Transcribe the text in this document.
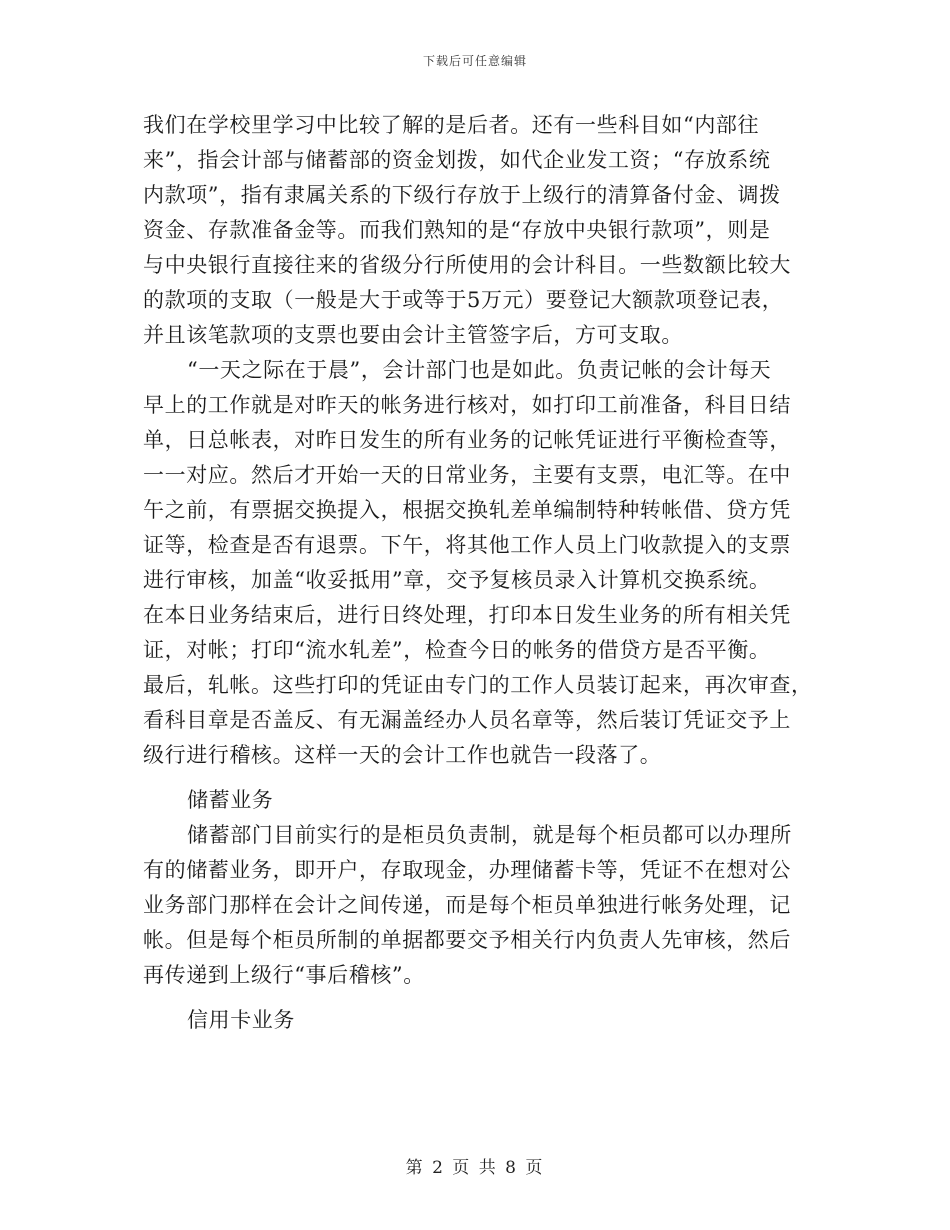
下载后可任意编辑
我们在学校里学习中比较了解的是后者。还有一些科目如“内部往
来”，指会计部与储蓄部的资金划拨，如代企业发工资；“存放系统
内款项”，指有隶属关系的下级行存放于上级行的清算备付金、调拨
资金、存款准备金等。而我们熟知的是“存放中央银行款项”，则是
与中央银行直接往来的省级分行所使用的会计科目。一些数额比较大
的款项的支取（一般是大于或等于5万元）要登记大额款项登记表，
并且该笔款项的支票也要由会计主管签字后，方可支取。
“一天之际在于晨”，会计部门也是如此。负责记帐的会计每天
早上的工作就是对昨天的帐务进行核对，如打印工前准备，科目日结
单，日总帐表，对昨日发生的所有业务的记帐凭证进行平衡检查等，
一一对应。然后才开始一天的日常业务，主要有支票，电汇等。在中
午之前，有票据交换提入，根据交换轧差单编制特种转帐借、贷方凭
证等，检查是否有退票。下午，将其他工作人员上门收款提入的支票
进行审核，加盖“收妥抵用”章，交予复核员录入计算机交换系统。
在本日业务结束后，进行日终处理，打印本日发生业务的所有相关凭
证，对帐；打印“流水轧差”，检查今日的帐务的借贷方是否平衡。
最后，轧帐。这些打印的凭证由专门的工作人员装订起来，再次审查，
看科目章是否盖反、有无漏盖经办人员名章等，然后装订凭证交予上
级行进行稽核。这样一天的会计工作也就告一段落了。
储蓄业务
储蓄部门目前实行的是柜员负责制，就是每个柜员都可以办理所
有的储蓄业务，即开户，存取现金，办理储蓄卡等，凭证不在想对公
业务部门那样在会计之间传递，而是每个柜员单独进行帐务处理，记
帐。但是每个柜员所制的单据都要交予相关行内负责人先审核，然后
再传递到上级行“事后稽核”。
信用卡业务
第 2 页 共 8 页
